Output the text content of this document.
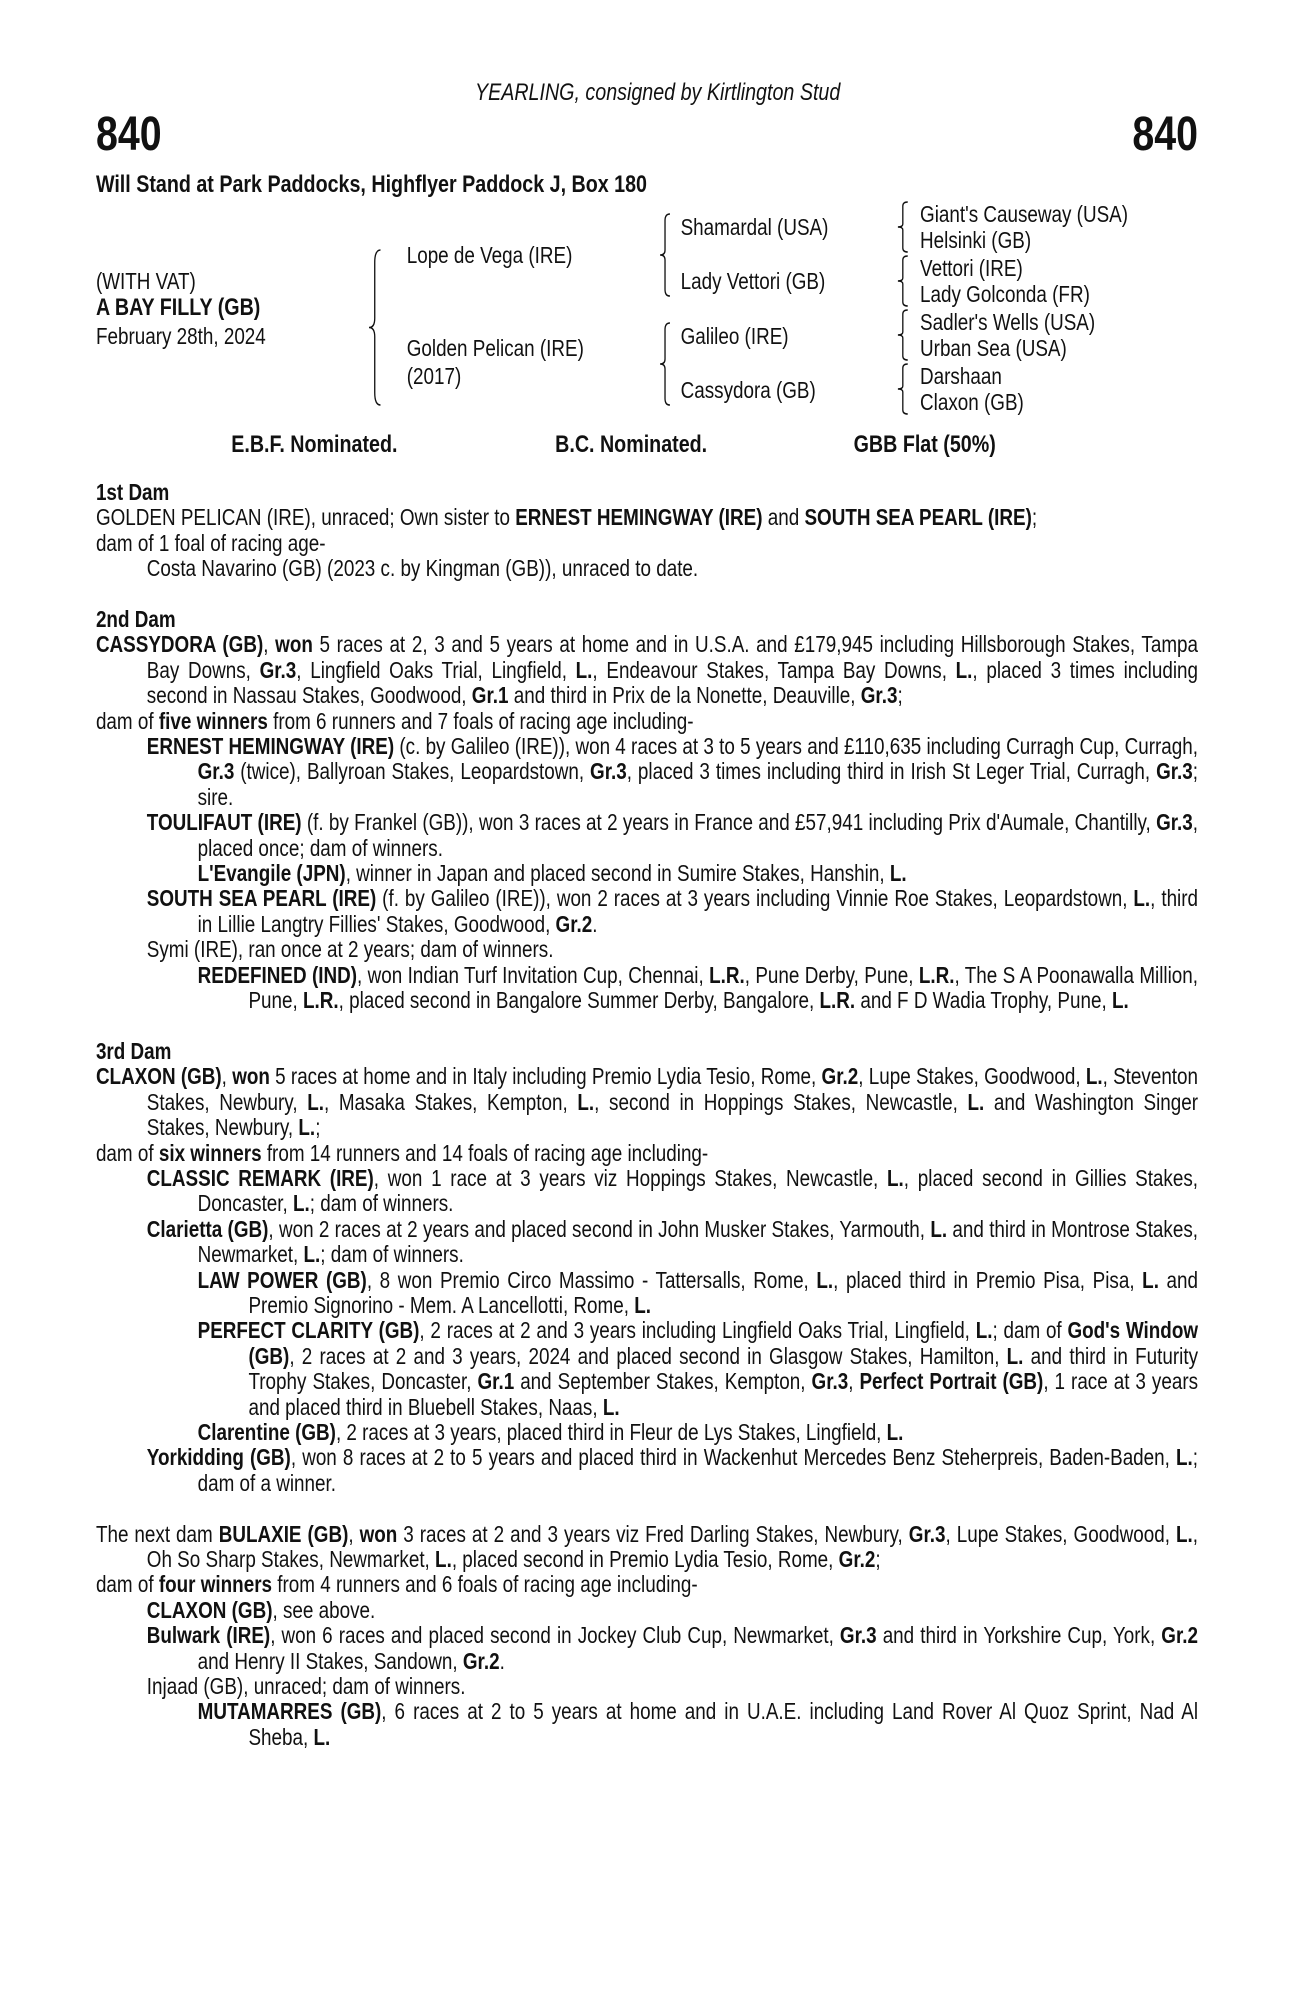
YEARLING, consigned by Kirtlington Stud
840	840
Will Stand at Park Paddocks, Highflyer Paddock J, Box 180
(WITH VAT)
A BAY FILLY (GB)
February 28th, 2024
Lope de Vega (IRE)
Golden Pelican (IRE)
(2017)
Shamardal (USA)
Lady Vettori (GB)
Galileo (IRE)
Cassydora (GB)
Giant's Causeway (USA)
Helsinki (GB)
Vettori (IRE)
Lady Golconda (FR)
Sadler's Wells (USA)
Urban Sea (USA)
Darshaan
Claxon (GB)
E.B.F. Nominated.	B.C. Nominated.	GBB Flat (50%)
1st Dam
GOLDEN PELICAN (IRE), unraced; Own sister to ERNEST HEMINGWAY (IRE) and SOUTH SEA PEARL (IRE);
dam of 1 foal of racing age-
Costa Navarino (GB) (2023 c. by Kingman (GB)), unraced to date.
2nd Dam
CASSYDORA (GB), won 5 races at 2, 3 and 5 years at home and in U.S.A. and £179,945 including Hillsborough Stakes, Tampa Bay Downs, Gr.3, Lingfield Oaks Trial, Lingfield, L., Endeavour Stakes, Tampa Bay Downs, L., placed 3 times including second in Nassau Stakes, Goodwood, Gr.1 and third in Prix de la Nonette, Deauville, Gr.3;
dam of five winners from 6 runners and 7 foals of racing age including-
ERNEST HEMINGWAY (IRE) (c. by Galileo (IRE)), won 4 races at 3 to 5 years and £110,635 including Curragh Cup, Curragh, Gr.3 (twice), Ballyroan Stakes, Leopardstown, Gr.3, placed 3 times including third in Irish St Leger Trial, Curragh, Gr.3; sire.
TOULIFAUT (IRE) (f. by Frankel (GB)), won 3 races at 2 years in France and £57,941 including Prix d'Aumale, Chantilly, Gr.3, placed once; dam of winners.
L'Evangile (JPN), winner in Japan and placed second in Sumire Stakes, Hanshin, L.
SOUTH SEA PEARL (IRE) (f. by Galileo (IRE)), won 2 races at 3 years including Vinnie Roe Stakes, Leopardstown, L., third in Lillie Langtry Fillies' Stakes, Goodwood, Gr.2.
Symi (IRE), ran once at 2 years; dam of winners.
REDEFINED (IND), won Indian Turf Invitation Cup, Chennai, L.R., Pune Derby, Pune, L.R., The S A Poonawalla Million, Pune, L.R., placed second in Bangalore Summer Derby, Bangalore, L.R. and F D Wadia Trophy, Pune, L.
3rd Dam
CLAXON (GB), won 5 races at home and in Italy including Premio Lydia Tesio, Rome, Gr.2, Lupe Stakes, Goodwood, L., Steventon Stakes, Newbury, L., Masaka Stakes, Kempton, L., second in Hoppings Stakes, Newcastle, L. and Washington Singer Stakes, Newbury, L.;
dam of six winners from 14 runners and 14 foals of racing age including-
CLASSIC REMARK (IRE), won 1 race at 3 years viz Hoppings Stakes, Newcastle, L., placed second in Gillies Stakes, Doncaster, L.; dam of winners.
Clarietta (GB), won 2 races at 2 years and placed second in John Musker Stakes, Yarmouth, L. and third in Montrose Stakes, Newmarket, L.; dam of winners.
LAW POWER (GB), 8 won Premio Circo Massimo - Tattersalls, Rome, L., placed third in Premio Pisa, Pisa, L. and Premio Signorino - Mem. A Lancellotti, Rome, L.
PERFECT CLARITY (GB), 2 races at 2 and 3 years including Lingfield Oaks Trial, Lingfield, L.; dam of God's Window (GB), 2 races at 2 and 3 years, 2024 and placed second in Glasgow Stakes, Hamilton, L. and third in Futurity Trophy Stakes, Doncaster, Gr.1 and September Stakes, Kempton, Gr.3, Perfect Portrait (GB), 1 race at 3 years and placed third in Bluebell Stakes, Naas, L.
Clarentine (GB), 2 races at 3 years, placed third in Fleur de Lys Stakes, Lingfield, L.
Yorkidding (GB), won 8 races at 2 to 5 years and placed third in Wackenhut Mercedes Benz Steherpreis, Baden-Baden, L.; dam of a winner.
The next dam BULAXIE (GB), won 3 races at 2 and 3 years viz Fred Darling Stakes, Newbury, Gr.3, Lupe Stakes, Goodwood, L., Oh So Sharp Stakes, Newmarket, L., placed second in Premio Lydia Tesio, Rome, Gr.2;
dam of four winners from 4 runners and 6 foals of racing age including-
CLAXON (GB), see above.
Bulwark (IRE), won 6 races and placed second in Jockey Club Cup, Newmarket, Gr.3 and third in Yorkshire Cup, York, Gr.2 and Henry II Stakes, Sandown, Gr.2.
Injaad (GB), unraced; dam of winners.
MUTAMARRES (GB), 6 races at 2 to 5 years at home and in U.A.E. including Land Rover Al Quoz Sprint, Nad Al Sheba, L.
